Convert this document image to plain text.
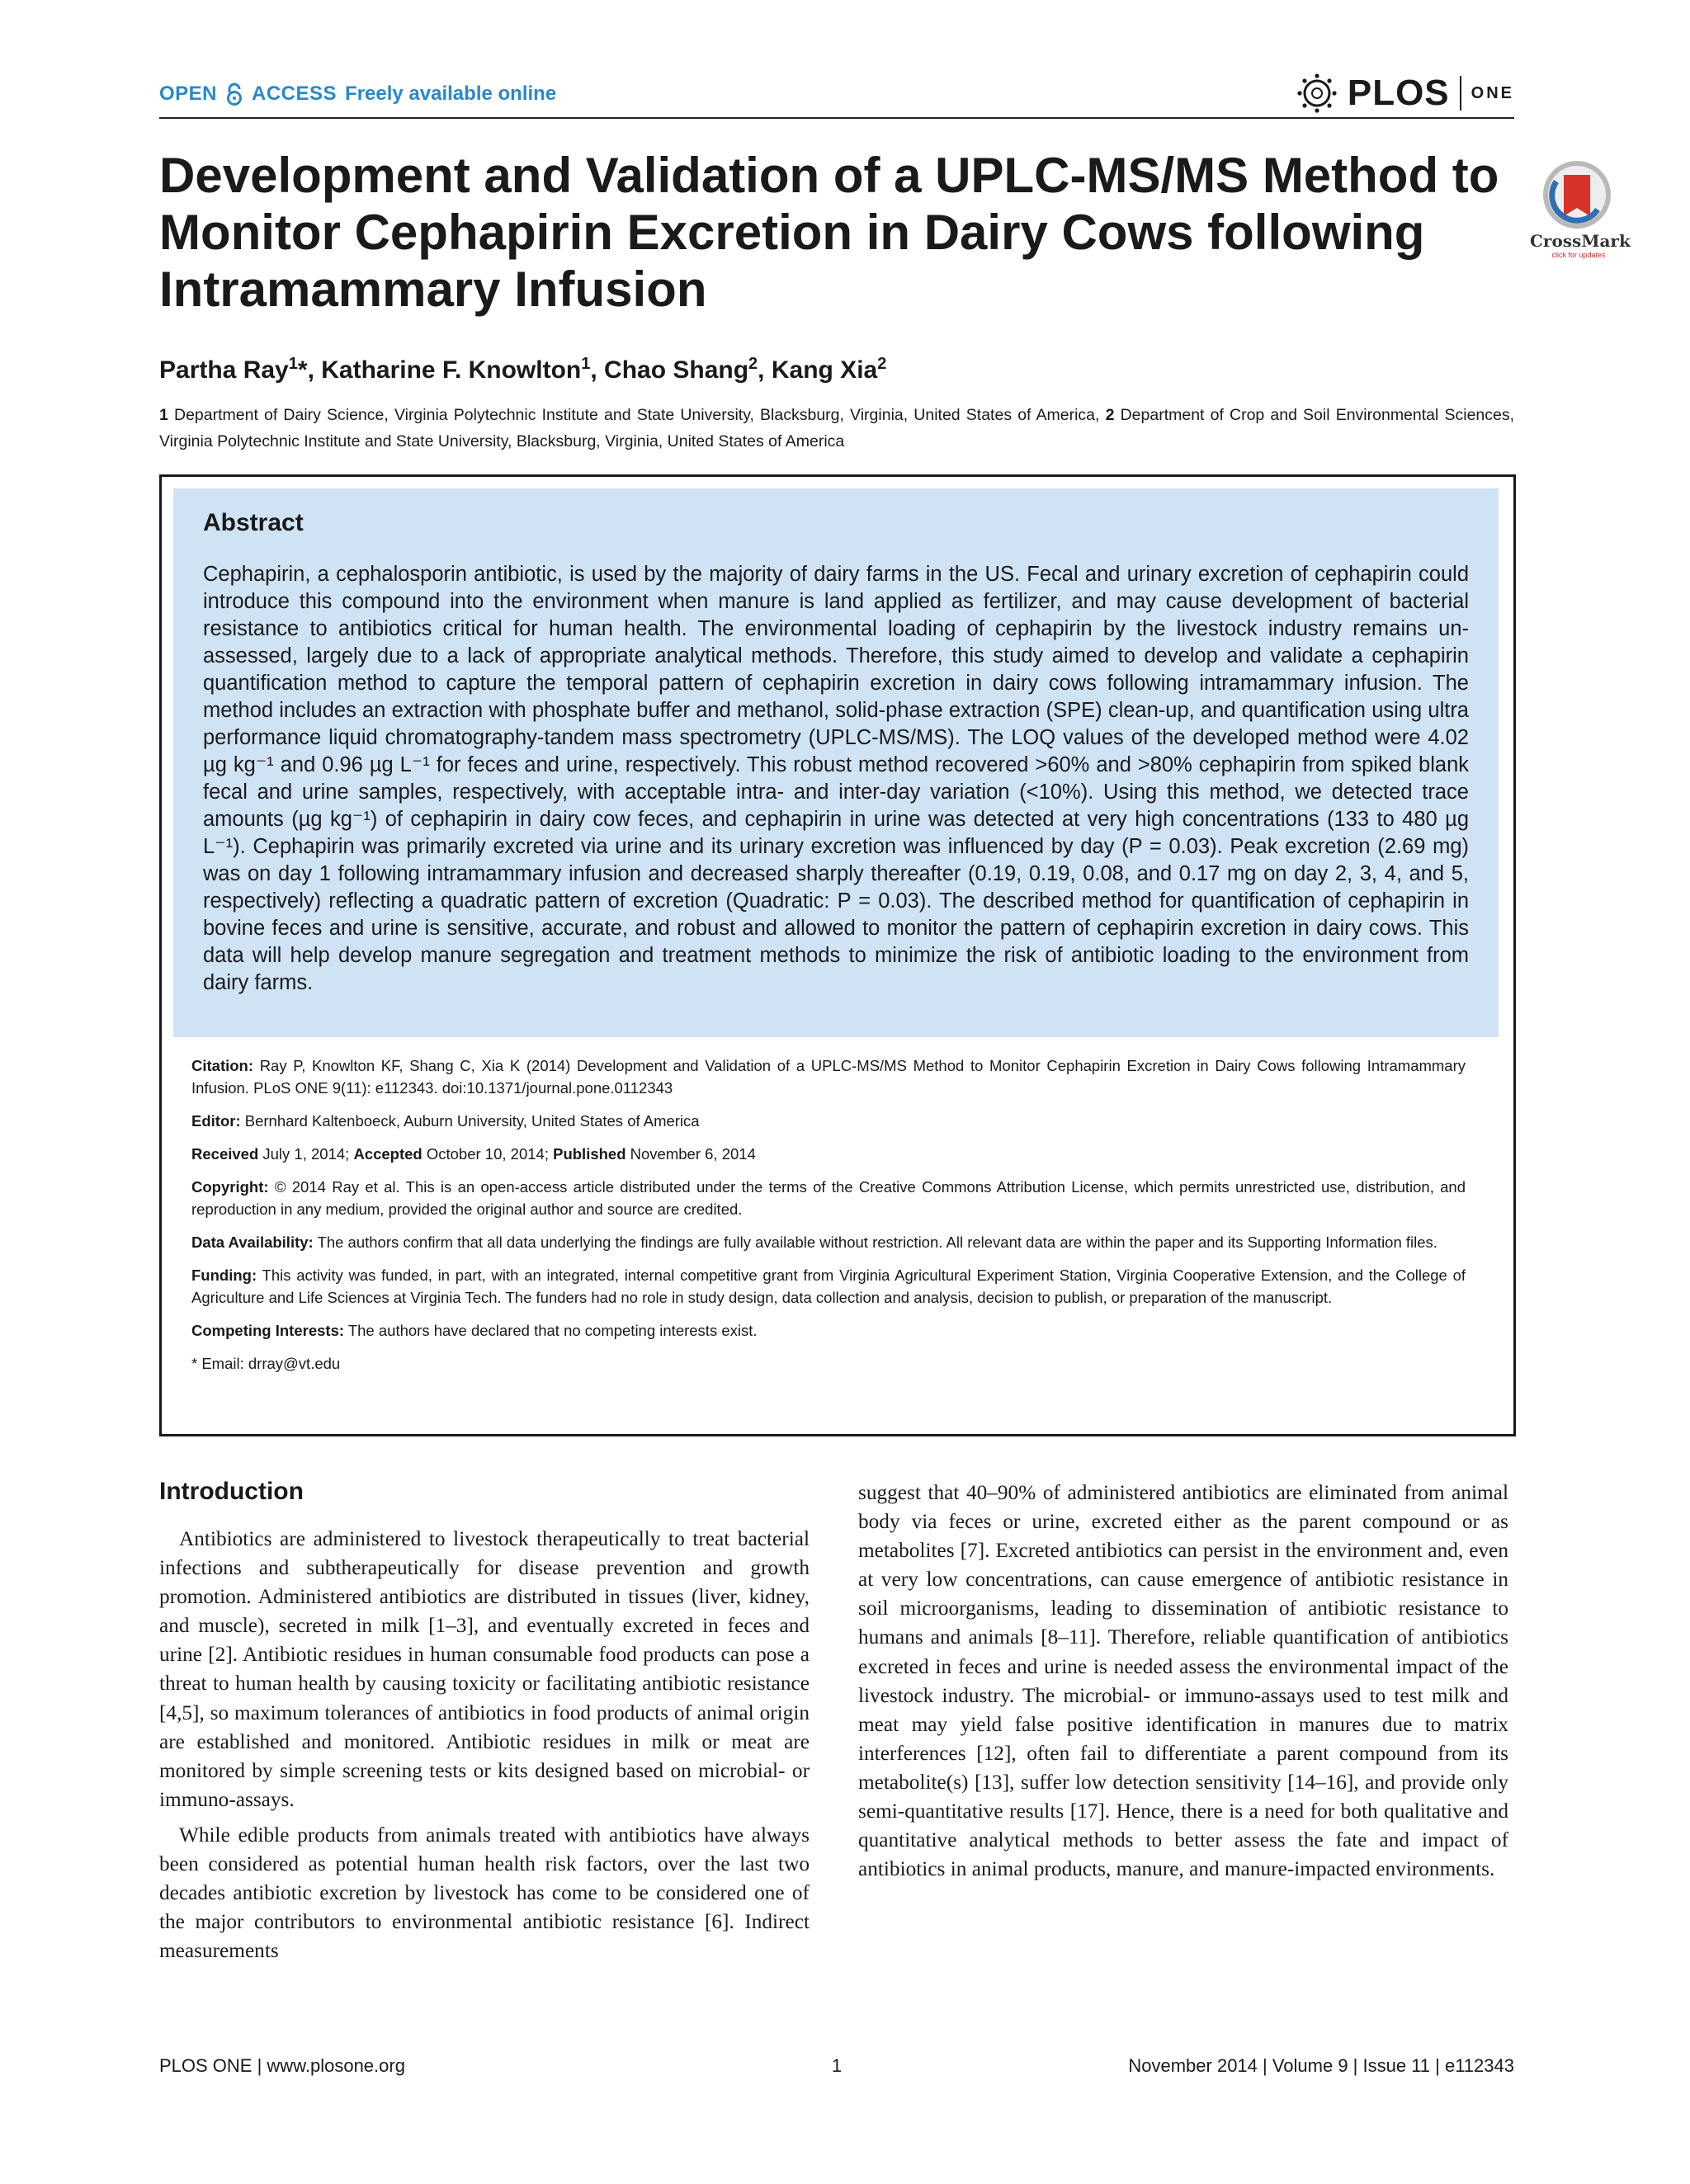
OPEN ACCESS Freely available online	PLOS ONE
Development and Validation of a UPLC-MS/MS Method to Monitor Cephapirin Excretion in Dairy Cows following Intramammary Infusion
CrossMark
click for updates
Partha Ray$^1$*, Katharine F. Knowlton$^1$, Chao Shang$^2$, Kang Xia$^2$
1 Department of Dairy Science, Virginia Polytechnic Institute and State University, Blacksburg, Virginia, United States of America, 2 Department of Crop and Soil Environmental Sciences, Virginia Polytechnic Institute and State University, Blacksburg, Virginia, United States of America
Abstract

Cephapirin, a cephalosporin antibiotic, is used by the majority of dairy farms in the US. Fecal and urinary excretion of cephapirin could introduce this compound into the environment when manure is land applied as fertilizer, and may cause development of bacterial resistance to antibiotics critical for human health. The environmental loading of cephapirin by the livestock industry remains un-assessed, largely due to a lack of appropriate analytical methods. Therefore, this study aimed to develop and validate a cephapirin quantification method to capture the temporal pattern of cephapirin excretion in dairy cows following intramammary infusion. The method includes an extraction with phosphate buffer and methanol, solid-phase extraction (SPE) clean-up, and quantification using ultra performance liquid chromatography-tandem mass spectrometry (UPLC-MS/MS). The LOQ values of the developed method were 4.02 µg kg⁻¹ and 0.96 µg L⁻¹ for feces and urine, respectively. This robust method recovered >60% and >80% cephapirin from spiked blank fecal and urine samples, respectively, with acceptable intra- and inter-day variation (<10%). Using this method, we detected trace amounts (µg kg⁻¹) of cephapirin in dairy cow feces, and cephapirin in urine was detected at very high concentrations (133 to 480 µg L⁻¹). Cephapirin was primarily excreted via urine and its urinary excretion was influenced by day (P = 0.03). Peak excretion (2.69 mg) was on day 1 following intramammary infusion and decreased sharply thereafter (0.19, 0.19, 0.08, and 0.17 mg on day 2, 3, 4, and 5, respectively) reflecting a quadratic pattern of excretion (Quadratic: P = 0.03). The described method for quantification of cephapirin in bovine feces and urine is sensitive, accurate, and robust and allowed to monitor the pattern of cephapirin excretion in dairy cows. This data will help develop manure segregation and treatment methods to minimize the risk of antibiotic loading to the environment from dairy farms.

Citation: Ray P, Knowlton KF, Shang C, Xia K (2014) Development and Validation of a UPLC-MS/MS Method to Monitor Cephapirin Excretion in Dairy Cows following Intramammary Infusion. PLoS ONE 9(11): e112343. doi:10.1371/journal.pone.0112343

Editor: Bernhard Kaltenboeck, Auburn University, United States of America

Received July 1, 2014; Accepted October 10, 2014; Published November 6, 2014

Copyright: © 2014 Ray et al. This is an open-access article distributed under the terms of the Creative Commons Attribution License, which permits unrestricted use, distribution, and reproduction in any medium, provided the original author and source are credited.

Data Availability: The authors confirm that all data underlying the findings are fully available without restriction. All relevant data are within the paper and its Supporting Information files.

Funding: This activity was funded, in part, with an integrated, internal competitive grant from Virginia Agricultural Experiment Station, Virginia Cooperative Extension, and the College of Agriculture and Life Sciences at Virginia Tech. The funders had no role in study design, data collection and analysis, decision to publish, or preparation of the manuscript.

Competing Interests: The authors have declared that no competing interests exist.

* Email: drray@vt.edu

Introduction

Antibiotics are administered to livestock therapeutically to treat bacterial infections and subtherapeutically for disease prevention and growth promotion. Administered antibiotics are distributed in tissues (liver, kidney, and muscle), secreted in milk [1–3], and eventually excreted in feces and urine [2]. Antibiotic residues in human consumable food products can pose a threat to human health by causing toxicity or facilitating antibiotic resistance [4,5], so maximum tolerances of antibiotics in food products of animal origin are established and monitored. Antibiotic residues in milk or meat are monitored by simple screening tests or kits designed based on microbial- or immuno-assays.

While edible products from animals treated with antibiotics have always been considered as potential human health risk factors, over the last two decades antibiotic excretion by livestock has come to be considered one of the major contributors to environmental antibiotic resistance [6]. Indirect measurements

suggest that 40–90% of administered antibiotics are eliminated from animal body via feces or urine, excreted either as the parent compound or as metabolites [7]. Excreted antibiotics can persist in the environment and, even at very low concentrations, can cause emergence of antibiotic resistance in soil microorganisms, leading to dissemination of antibiotic resistance to humans and animals [8–11]. Therefore, reliable quantification of antibiotics excreted in feces and urine is needed assess the environmental impact of the livestock industry. The microbial- or immuno-assays used to test milk and meat may yield false positive identification in manures due to matrix interferences [12], often fail to differentiate a parent compound from its metabolite(s) [13], suffer low detection sensitivity [14–16], and provide only semi-quantitative results [17]. Hence, there is a need for both qualitative and quantitative analytical methods to better assess the fate and impact of antibiotics in animal products, manure, and manure-impacted environments.

PLOS ONE | www.plosone.org	1	November 2014 | Volume 9 | Issue 11 | e112343
